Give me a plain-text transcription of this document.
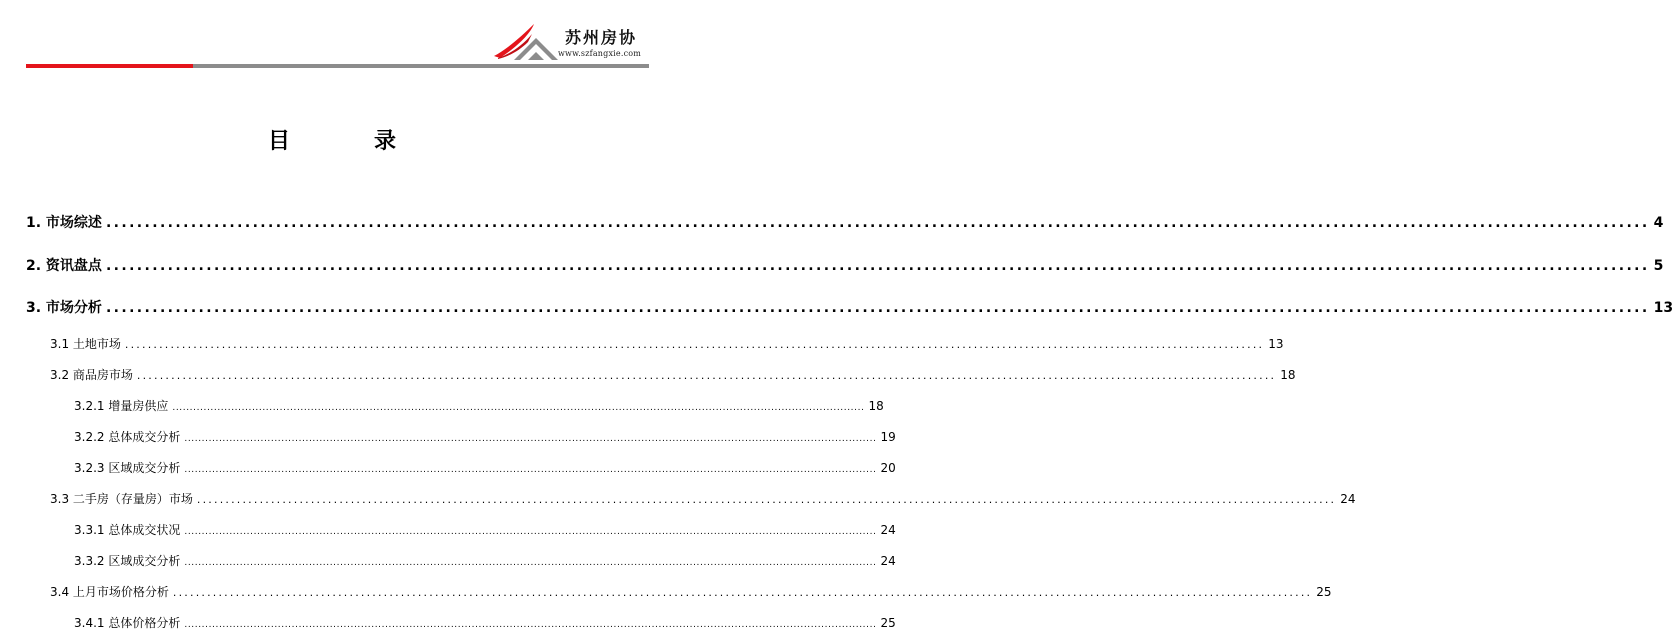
苏州房协
www.szfangxie.com
目	录
1. 市场综述 ........................................................................................................................................................................................................ 4
2. 资讯盘点 ........................................................................................................................................................................................................ 5
3. 市场分析 ........................................................................................................................................................................................................ 13
3.1 土地市场 ........................................................................................................................................................................................................ 13
3.2 商品房市场 ........................................................................................................................................................................................................ 18
3.2.1 增量房供应 ........................................................................................................................................................................................................ 18
3.2.2 总体成交分析 ........................................................................................................................................................................................................ 19
3.2.3 区域成交分析 ........................................................................................................................................................................................................ 20
3.3 二手房（存量房）市场 ........................................................................................................................................................................................................ 24
3.3.1 总体成交状况 ........................................................................................................................................................................................................ 24
3.3.2 区域成交分析 ........................................................................................................................................................................................................ 24
3.4 上月市场价格分析 ........................................................................................................................................................................................................ 25
3.4.1 总体价格分析 ........................................................................................................................................................................................................ 25
